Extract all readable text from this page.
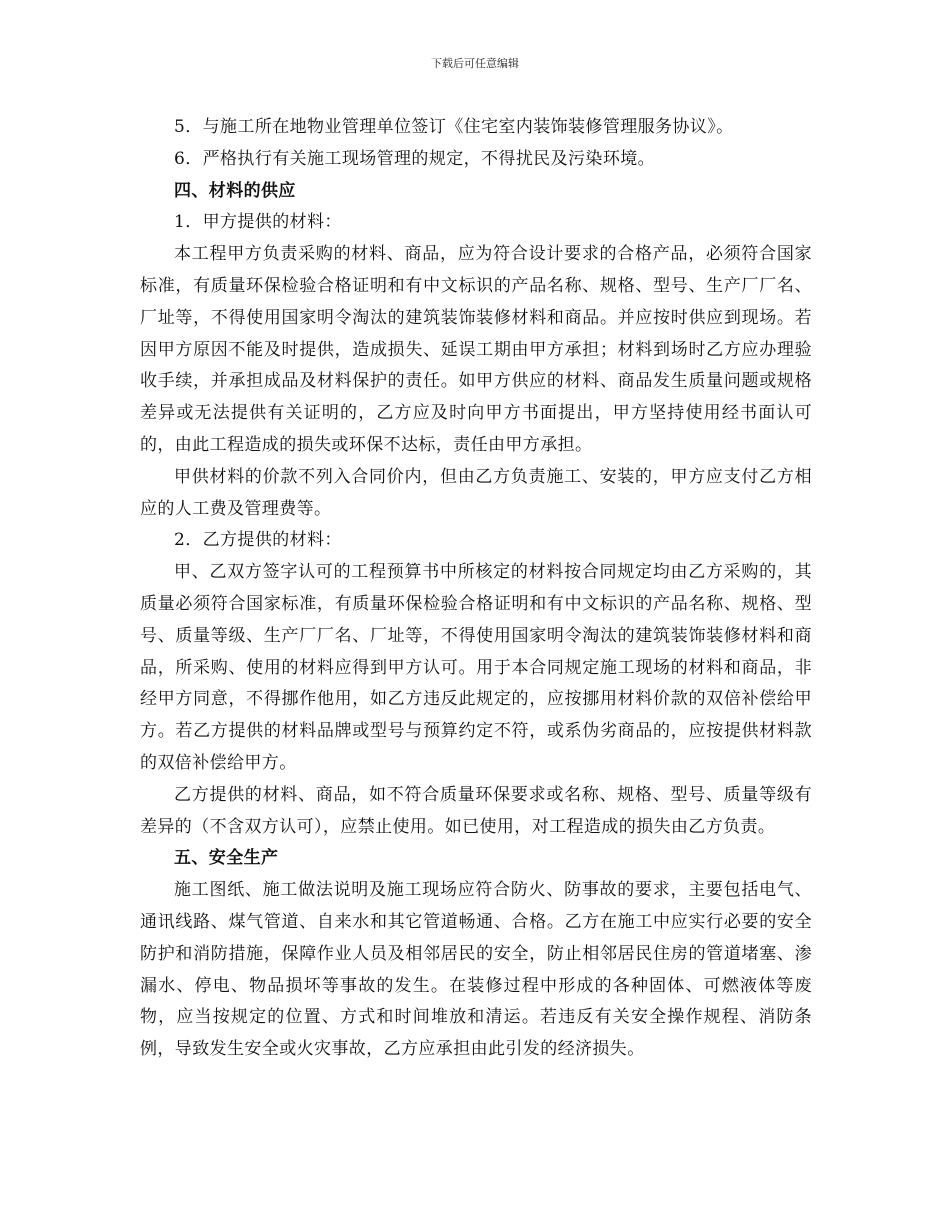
下载后可任意编辑

5．与施工所在地物业管理单位签订《住宅室内装饰装修管理服务协议》。

6．严格执行有关施工现场管理的规定，不得扰民及污染环境。

四、材料的供应

1．甲方提供的材料：

本工程甲方负责采购的材料、商品，应为符合设计要求的合格产品，必须符合国家标准，有质量环保检验合格证明和有中文标识的产品名称、规格、型号、生产厂厂名、厂址等，不得使用国家明令淘汰的建筑装饰装修材料和商品。并应按时供应到现场。若因甲方原因不能及时提供，造成损失、延误工期由甲方承担；材料到场时乙方应办理验收手续，并承担成品及材料保护的责任。如甲方供应的材料、商品发生质量问题或规格差异或无法提供有关证明的，乙方应及时向甲方书面提出，甲方坚持使用经书面认可的，由此工程造成的损失或环保不达标，责任由甲方承担。

甲供材料的价款不列入合同价内，但由乙方负责施工、安装的，甲方应支付乙方相应的人工费及管理费等。

2．乙方提供的材料：

甲、乙双方签字认可的工程预算书中所核定的材料按合同规定均由乙方采购的，其质量必须符合国家标准，有质量环保检验合格证明和有中文标识的产品名称、规格、型号、质量等级、生产厂厂名、厂址等，不得使用国家明令淘汰的建筑装饰装修材料和商品，所采购、使用的材料应得到甲方认可。用于本合同规定施工现场的材料和商品，非经甲方同意，不得挪作他用，如乙方违反此规定的，应按挪用材料价款的双倍补偿给甲方。若乙方提供的材料品牌或型号与预算约定不符，或系伪劣商品的，应按提供材料款的双倍补偿给甲方。

乙方提供的材料、商品，如不符合质量环保要求或名称、规格、型号、质量等级有差异的（不含双方认可），应禁止使用。如已使用，对工程造成的损失由乙方负责。

五、安全生产

施工图纸、施工做法说明及施工现场应符合防火、防事故的要求，主要包括电气、通讯线路、煤气管道、自来水和其它管道畅通、合格。乙方在施工中应实行必要的安全防护和消防措施，保障作业人员及相邻居民的安全，防止相邻居民住房的管道堵塞、渗漏水、停电、物品损坏等事故的发生。在装修过程中形成的各种固体、可燃液体等废物，应当按规定的位置、方式和时间堆放和清运。若违反有关安全操作规程、消防条例，导致发生安全或火灾事故，乙方应承担由此引发的经济损失。
